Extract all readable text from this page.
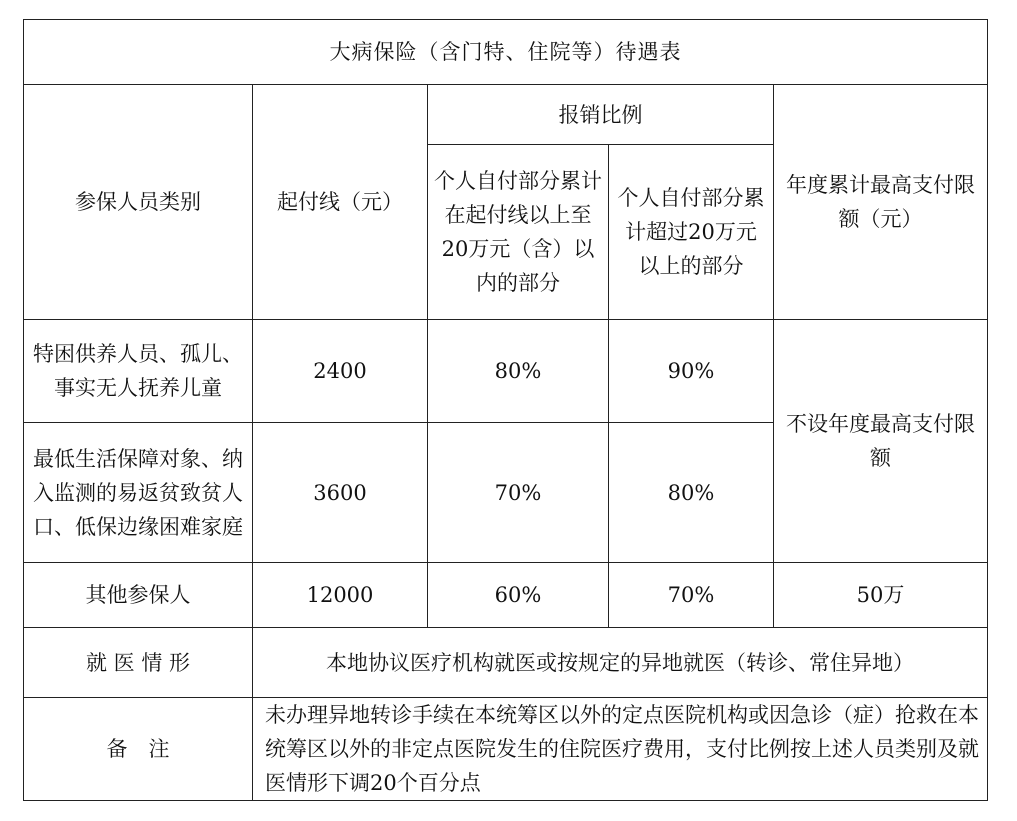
大病保险（含门特、住院等）待遇表				
参保人员类别	起付线（元）	报销比例		年度累计最高支付限额（元）
		个人自付部分累计在起付线以上至20万元（含）以内的部分	个人自付部分累计超过20万元以上的部分	
特困供养人员、孤儿、事实无人抚养儿童	2400	80%	90%	不设年度最高支付限额
最低生活保障对象、纳入监测的易返贫致贫人口、低保边缘困难家庭	3600	70%	80%	
其他参保人	12000	60%	70%	50万
就 医 情 形	本地协议医疗机构就医或按规定的异地就医（转诊、常住异地）			
备　注	未办理异地转诊手续在本统筹区以外的定点医院机构或因急诊（症）抢救在本统筹区以外的非定点医院发生的住院医疗费用，支付比例按上述人员类别及就医情形下调20个百分点			
